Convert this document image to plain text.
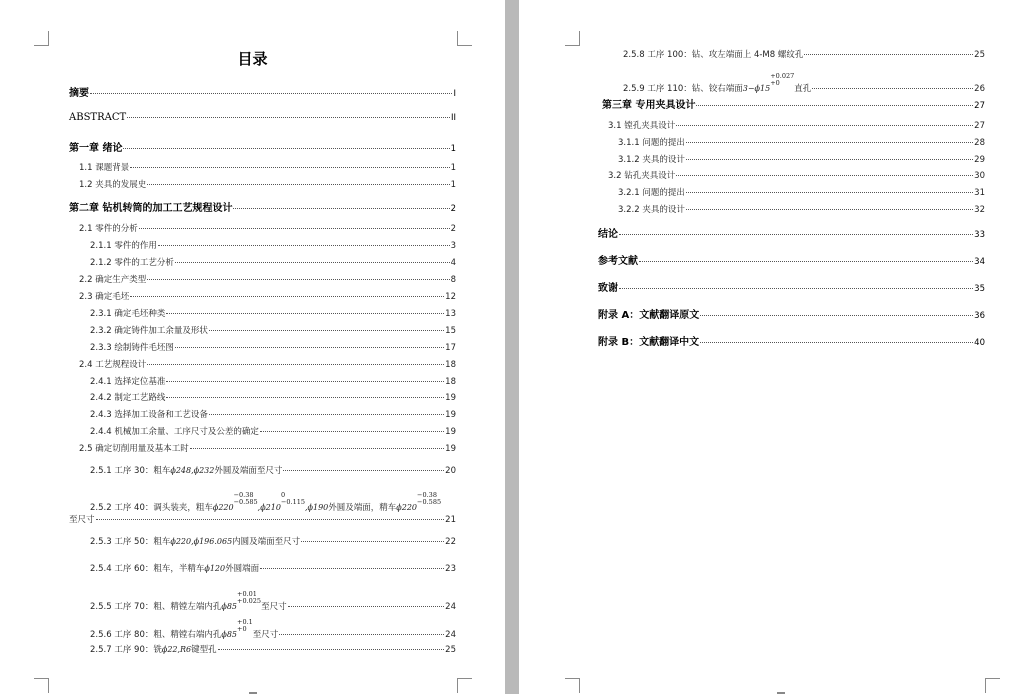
目录
摘要	I
ABSTRACT	II
第一章 绪论	1
1.1 课题背景	1
1.2 夹具的发展史	1
第二章 钻机转筒的加工工艺规程设计	2
2.1 零件的分析	2
2.1.1 零件的作用	3
2.1.2 零件的工艺分析	4
2.2 确定生产类型	8
2.3 确定毛坯	12
2.3.1 确定毛坯种类	13
2.3.2 确定铸件加工余量及形状	15
2.3.3 绘制铸件毛坯图	17
2.4 工艺规程设计	18
2.4.1 选择定位基准	18
2.4.2 制定工艺路线	19
2.4.3 选择加工设备和工艺设备	19
2.4.4 机械加工余量、工序尺寸及公差的确定	19
2.5 确定切削用量及基本工时	19
2.5.1 工序 30：粗车ϕ248,ϕ232外圆及端面至尺寸	20
2.5.2 工序 40：调头装夹，粗车ϕ220−0.38
−0.585,ϕ2100
−0.115,ϕ190外圆及端面，精车ϕ220−0.38
−0.585
至尺寸	21
2.5.3 工序 50：粗车ϕ220,ϕ196.065内圆及端面至尺寸	22
2.5.4 工序 60：粗车，半精车ϕ120外圆端面	23
2.5.5 工序 70：粗、精镗左端内孔ϕ85+0.01
+0.025至尺寸	24
2.5.6 工序 80：粗、精镗右端内孔ϕ85+0.1
+0至尺寸	24
2.5.7 工序 90：铣ϕ22,R6键型孔	25
2.5.8 工序 100：钻、攻左端面上 4-M8 螺纹孔	25
2.5.9 工序 110：钻、铰右端面3−ϕ15+0.027
+0直孔	26
第三章 专用夹具设计	27
3.1 镗孔夹具设计	27
3.1.1 问题的提出	28
3.1.2 夹具的设计	29
3.2 钻孔夹具设计	30
3.2.1 问题的提出	31
3.2.2 夹具的设计	32
结论	33
参考文献	34
致谢	35
附录 A：文献翻译原文	36
附录 B：文献翻译中文	40
